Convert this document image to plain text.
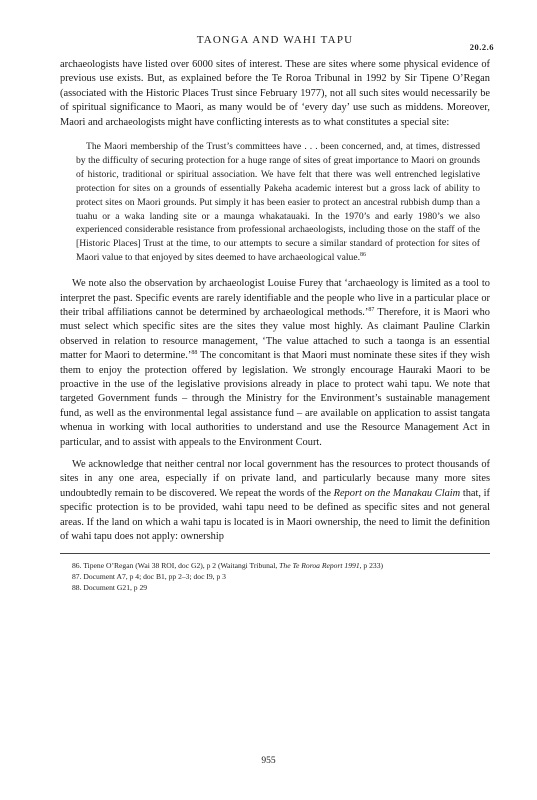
TAONGA AND WAHI TAPU
20.2.6

archaeologists have listed over 6000 sites of interest. These are sites where some physical evidence of previous use exists. But, as explained before the Te Roroa Tribunal in 1992 by Sir Tipene O’Regan (associated with the Historic Places Trust since February 1977), not all such sites would necessarily be of spiritual significance to Maori, as many would be of ‘every day’ use such as middens. Moreover, Maori and archaeologists might have conflicting interests as to what constitutes a special site:

The Maori membership of the Trust’s committees have . . . been concerned, and, at times, distressed by the difficulty of securing protection for a huge range of sites of great importance to Maori on grounds of historic, traditional or spiritual association. We have felt that there was well entrenched legislative protection for sites on a grounds of essentially Pakeha academic interest but a gross lack of ability to protect sites on Maori grounds. Put simply it has been easier to protect an ancestral rubbish dump than a tuahu or a waka landing site or a maunga whakatauaki. In the 1970’s and early 1980’s we also experienced considerable resistance from professional archaeologists, including those on the staff of the [Historic Places] Trust at the time, to our attempts to secure a similar standard of protection for sites of Maori value to that enjoyed by sites deemed to have archaeological value.$^{86}$

We note also the observation by archaeologist Louise Furey that ‘archaeology is limited as a tool to interpret the past. Specific events are rarely identifiable and the people who live in a particular place or their tribal affiliations cannot be determined by archaeological methods.’$^{87}$ Therefore, it is Maori who must select which specific sites are the sites they value most highly. As claimant Pauline Clarkin observed in relation to resource management, ‘The value attached to such a taonga is an essential matter for Maori to determine.’$^{88}$ The concomitant is that Maori must nominate these sites if they wish them to enjoy the protection offered by legislation. We strongly encourage Hauraki Maori to be proactive in the use of the legislative provisions already in place to protect wahi tapu. We note that targeted Government funds – through the Ministry for the Environment’s sustainable management fund, as well as the environmental legal assistance fund – are available on application to assist tangata whenua in working with local authorities to understand and use the Resource Management Act in particular, and to assist with appeals to the Environment Court.

We acknowledge that neither central nor local government has the resources to protect thousands of sites in any one area, especially if on private land, and particularly because many more sites undoubtedly remain to be discovered. We repeat the words of the Report on the Manakau Claim that, if specific protection is to be provided, wahi tapu need to be defined as specific sites and not general areas. If the land on which a wahi tapu is located is in Maori ownership, the need to limit the definition of wahi tapu does not apply: ownership

86. Tipene O’Regan (Wai 38 ROI, doc G2), p 2 (Waitangi Tribunal, The Te Roroa Report 1991, p 233)
87. Document A7, p 4; doc B1, pp 2–3; doc I9, p 3
88. Document G21, p 29
955
